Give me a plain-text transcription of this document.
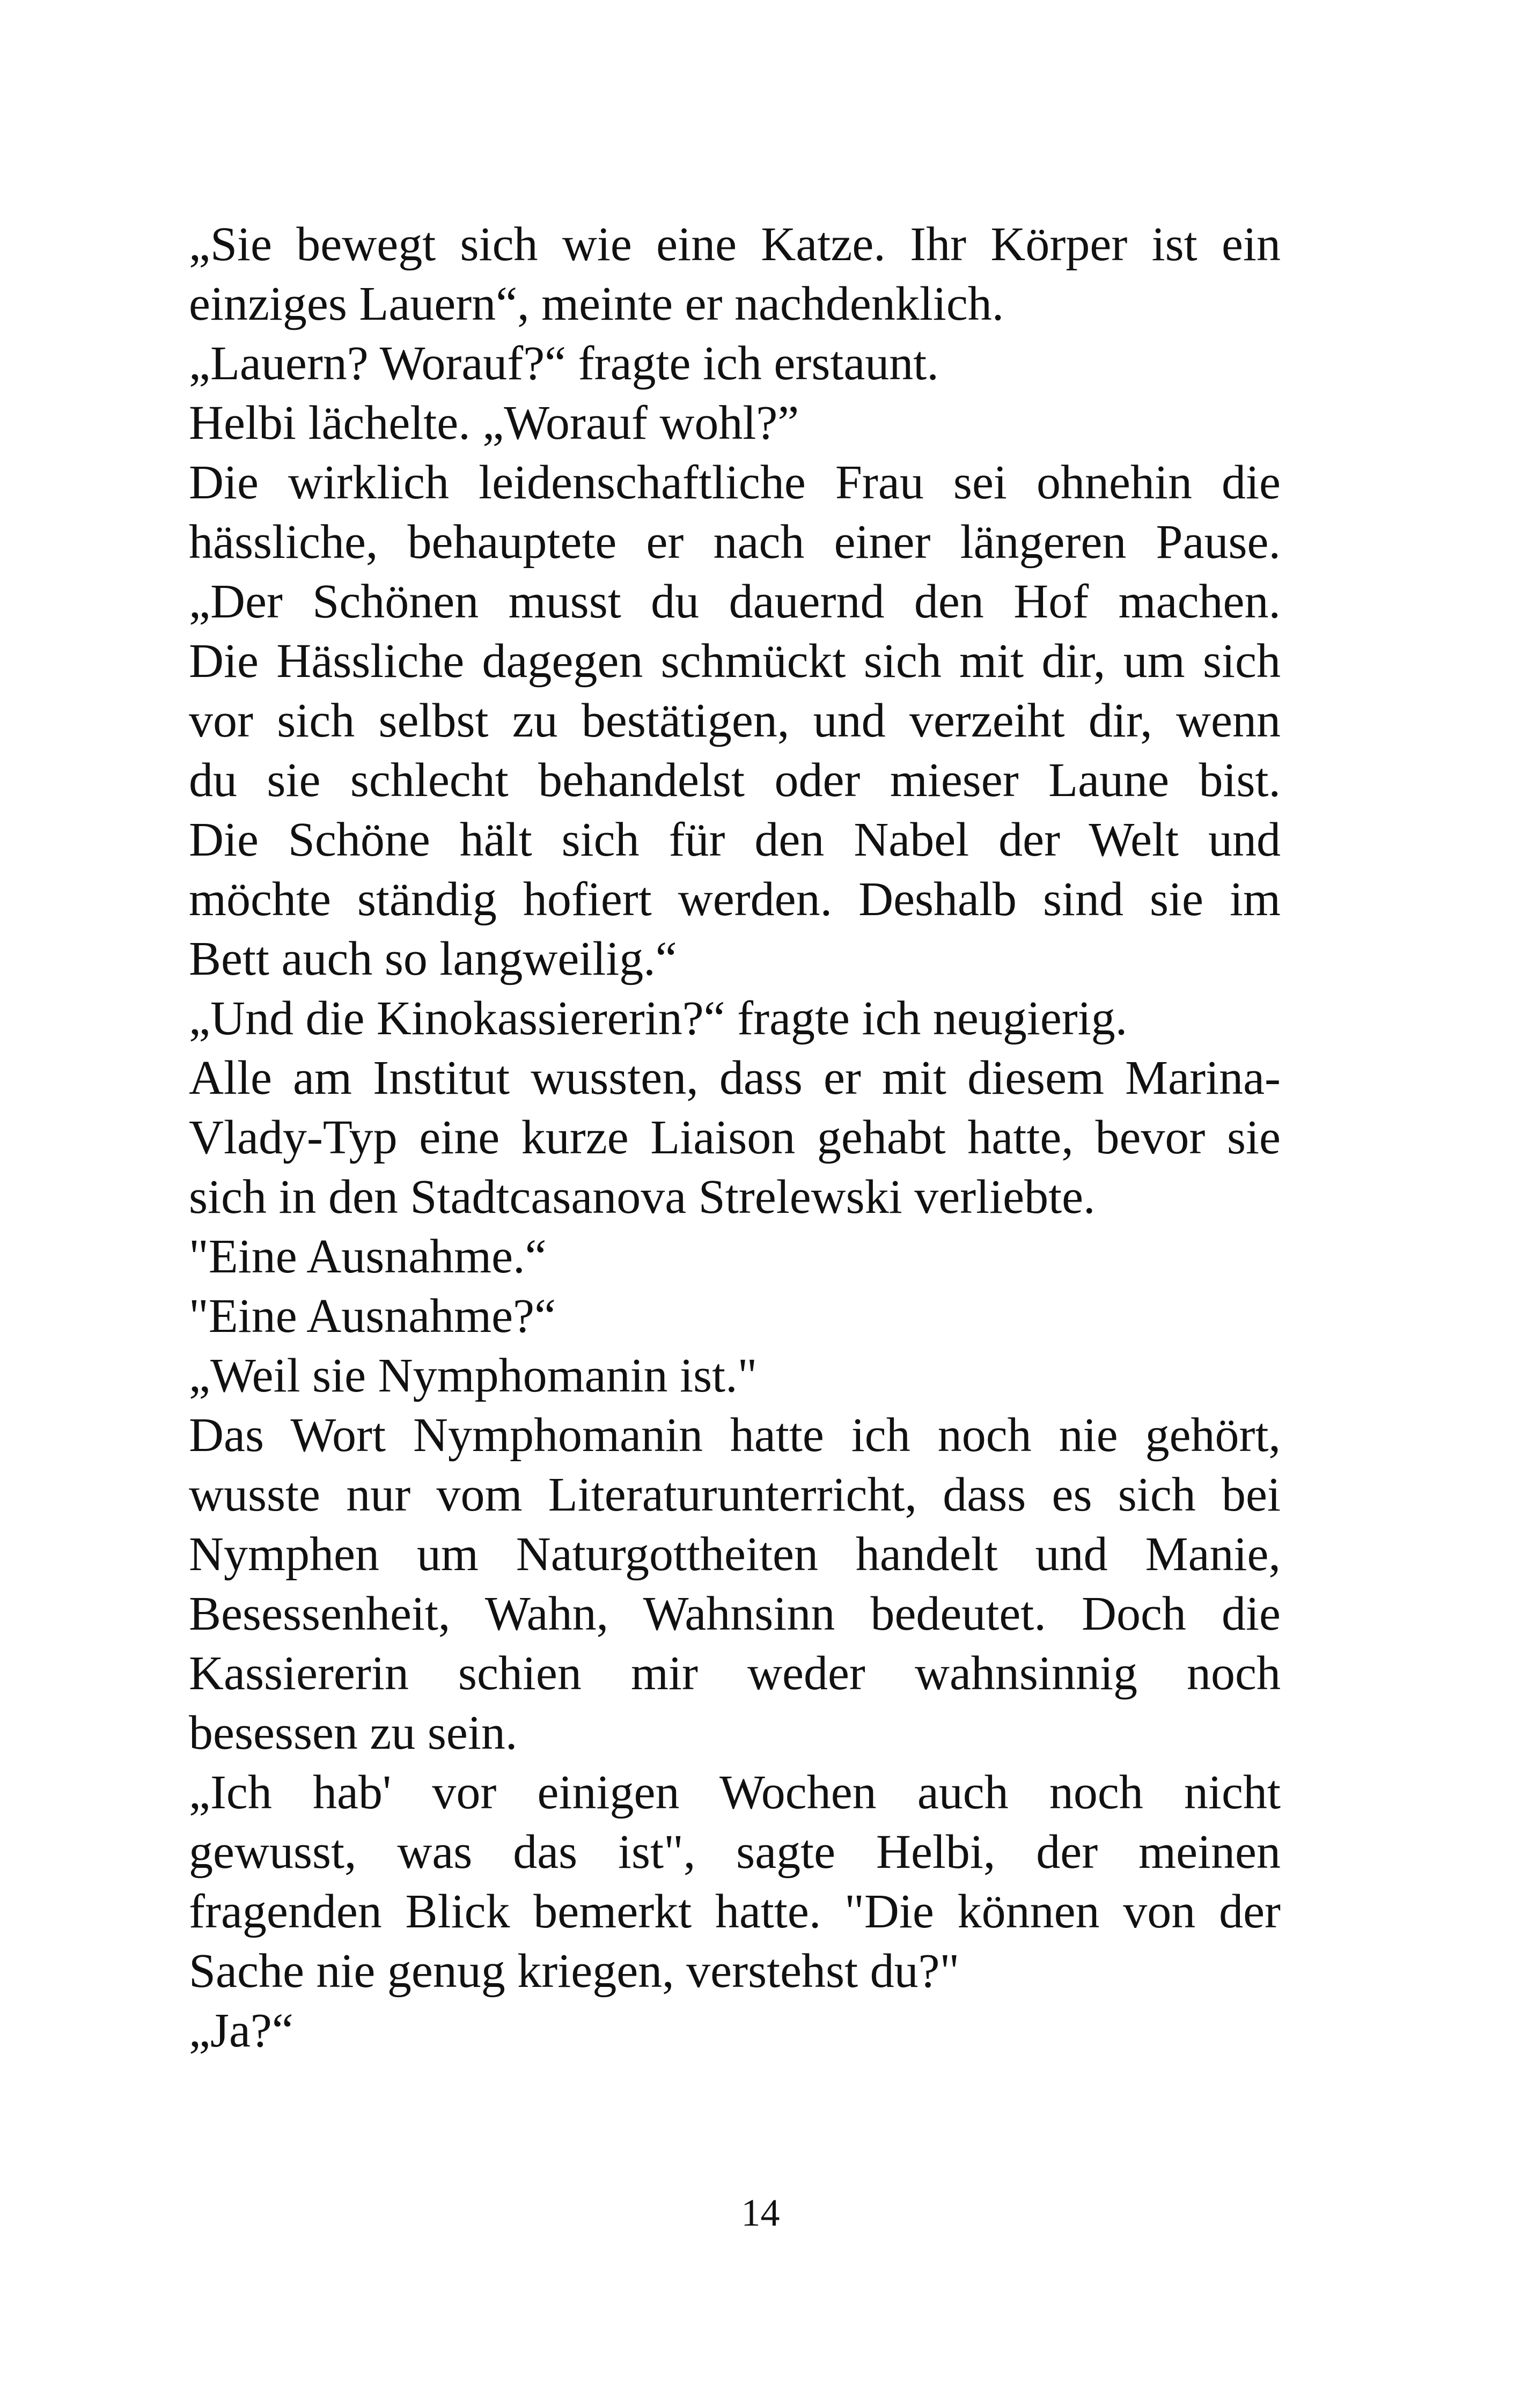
„Sie bewegt sich wie eine Katze. Ihr Körper ist ein
einziges Lauern“, meinte er nachdenklich.
„Lauern? Worauf?“ fragte ich erstaunt.
Helbi lächelte. „Worauf wohl?”
Die wirklich leidenschaftliche Frau sei ohnehin die
hässliche, behauptete er nach einer längeren Pause.
„Der Schönen musst du dauernd den Hof machen.
Die Hässliche dagegen schmückt sich mit dir, um sich
vor sich selbst zu bestätigen, und verzeiht dir, wenn
du sie schlecht behandelst oder mieser Laune bist.
Die Schöne hält sich für den Nabel der Welt und
möchte ständig hofiert werden. Deshalb sind sie im
Bett auch so langweilig.“
„Und die Kinokassiererin?“ fragte ich neugierig.
Alle am Institut wussten, dass er mit diesem Marina-
Vlady-Typ eine kurze Liaison gehabt hatte, bevor sie
sich in den Stadtcasanova Strelewski verliebte.
"Eine Ausnahme.“
"Eine Ausnahme?“
„Weil sie Nymphomanin ist."
Das Wort Nymphomanin hatte ich noch nie gehört,
wusste nur vom Literaturunterricht, dass es sich bei
Nymphen um Naturgottheiten handelt und Manie,
Besessenheit, Wahn, Wahnsinn bedeutet. Doch die
Kassiererin schien mir weder wahnsinnig noch
besessen zu sein.
„Ich hab' vor einigen Wochen auch noch nicht
gewusst, was das ist", sagte Helbi, der meinen
fragenden Blick bemerkt hatte. "Die können von der
Sache nie genug kriegen, verstehst du?"
„Ja?“
14
